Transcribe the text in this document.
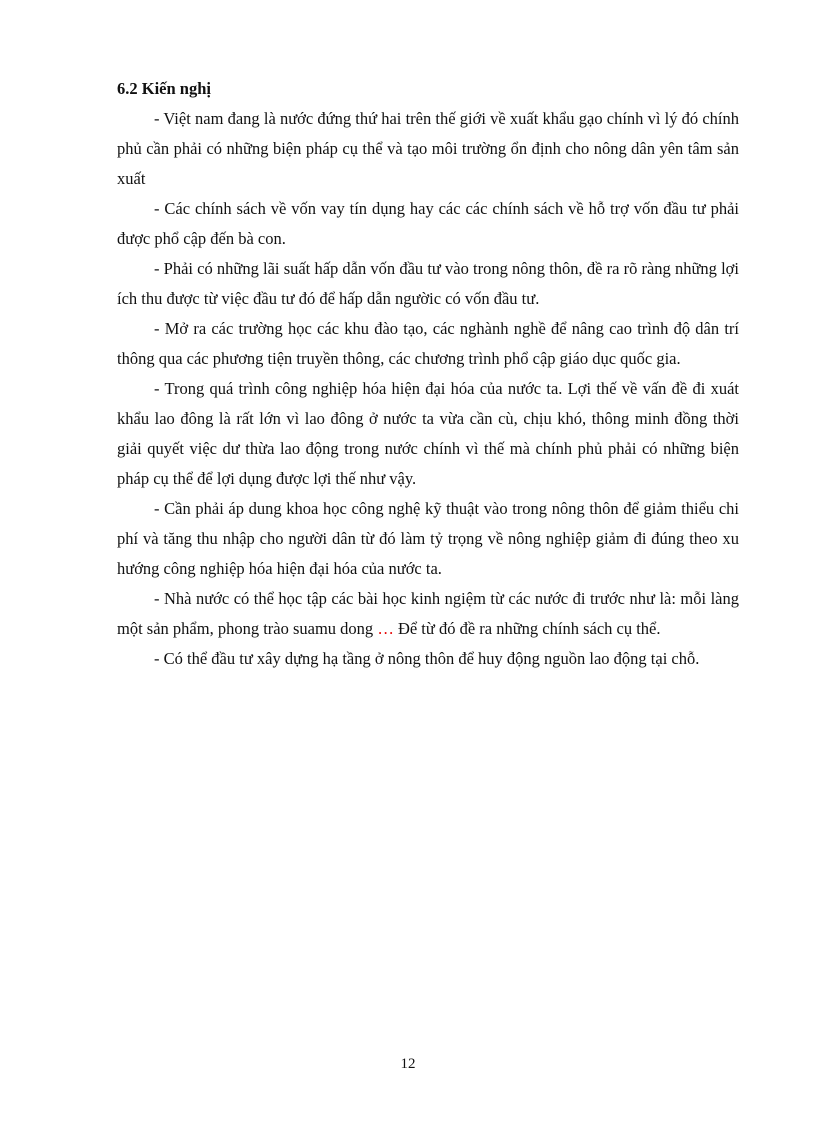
6.2 Kiến nghị

- Việt nam đang là nước đứng thứ hai trên thế giới về xuất khẩu gạo chính vì lý đó chính phủ cần phải có những biện pháp cụ thể và tạo môi trường ổn định cho nông dân yên tâm sản xuất

- Các chính sách về vốn vay tín dụng hay các các chính sách về hỗ trợ vốn đầu tư phải được phổ cập đến bà con.

- Phải có những lãi suất hấp dẫn vốn đầu tư vào trong nông thôn, đề ra rõ ràng những lợi ích thu được từ việc đầu tư đó để hấp dẫn ngườic có vốn đầu tư.

- Mở ra các trường học các khu đào tạo, các nghành nghề để nâng cao trình độ dân trí thông qua các phương tiện truyền thông, các chương trình phổ cập giáo dục quốc gia.

- Trong quá trình công nghiệp hóa hiện đại hóa của nước ta. Lợi thế về vấn đề đi xuát khẩu lao đông là rất lớn vì lao đông ở nước ta vừa cần cù, chịu khó, thông minh đồng thời giải quyết việc dư thừa lao động trong nước chính vì thế mà chính phủ phải có những biện pháp cụ thể để lợi dụng được lợi thế như vậy.

- Cần phải áp dung khoa học công nghệ kỹ thuật vào trong nông thôn để giảm thiểu chi phí và tăng thu nhập cho người dân từ đó làm tỷ trọng về nông nghiệp giảm đi đúng theo xu hướng công nghiệp hóa hiện đại hóa của nước ta.

- Nhà nước có thể học tập các bài học kinh ngiệm từ các nước đi trước như là: mỗi làng một sản phẩm, phong trào suamu dong … Để từ đó đề ra những chính sách cụ thể.

- Có thể đầu tư xây dựng hạ tầng ở nông thôn để huy động nguồn lao động tại chỗ.

12
